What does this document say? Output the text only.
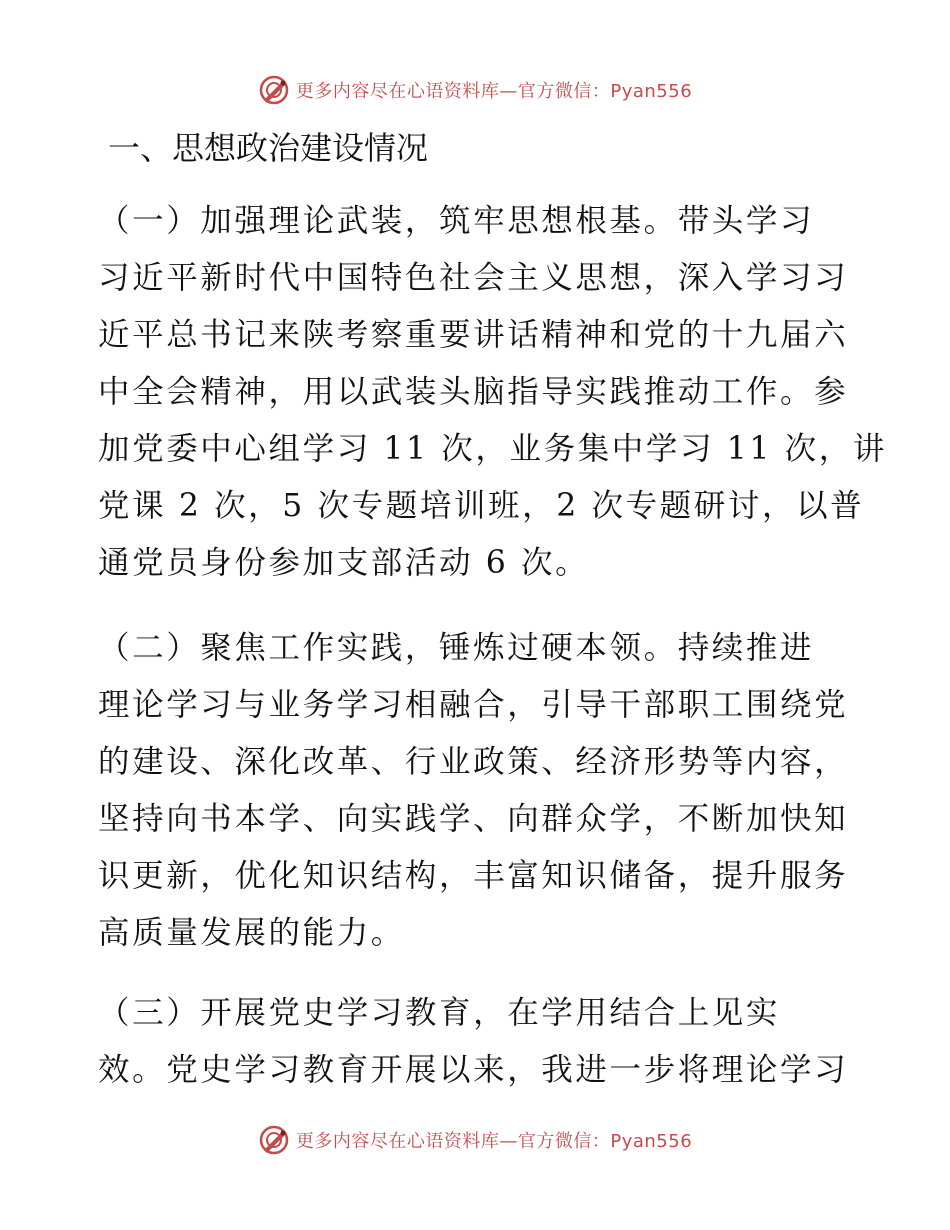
更多内容尽在心语资料库—官方微信：Pyan556
一、思想政治建设情况
（一）加强理论武装，筑牢思想根基。带头学习
习近平新时代中国特色社会主义思想，深入学习习
近平总书记来陕考察重要讲话精神和党的十九届六
中全会精神，用以武装头脑指导实践推动工作。参
加党委中心组学习 11 次，业务集中学习 11 次，讲
党课 2 次，5 次专题培训班，2 次专题研讨，以普
通党员身份参加支部活动 6 次。
（二）聚焦工作实践，锤炼过硬本领。持续推进
理论学习与业务学习相融合，引导干部职工围绕党
的建设、深化改革、行业政策、经济形势等内容，
坚持向书本学、向实践学、向群众学，不断加快知
识更新，优化知识结构，丰富知识储备，提升服务
高质量发展的能力。
（三）开展党史学习教育，在学用结合上见实
效。党史学习教育开展以来，我进一步将理论学习
更多内容尽在心语资料库—官方微信：Pyan556
